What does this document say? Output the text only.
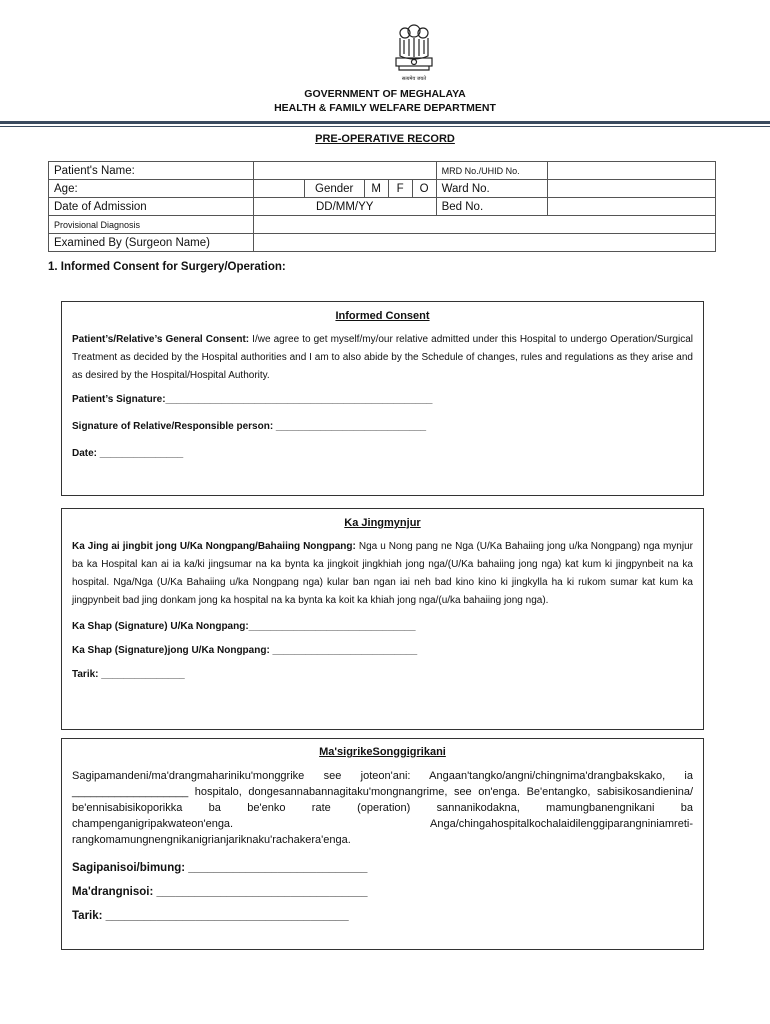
सत्यमेव जयते
GOVERNMENT OF MEGHALAYA
HEALTH & FAMILY WELFARE DEPARTMENT
PRE-OPERATIVE RECORD
Patient's Name:						MRD No./UHID No.	
Age:		Gender	M	F	O	Ward No.	
Date of Admission	DD/MM/YY					Bed No.	
Provisional Diagnosis							
Examined By (Surgeon Name)							
1. Informed Consent for Surgery/Operation:
Informed Consent
Patient’s/Relative’s General Consent: I/we agree to get myself/my/our relative admitted under this Hospital to undergo Operation/Surgical Treatment as decided by the Hospital authorities and I am to also abide by the Schedule of changes, rules and regulations as they arise and as desired by the Hospital/Hospital Authority.
Patient’s Signature:________________________________________________
Signature of Relative/Responsible person: ___________________________
Date: _______________
Ka Jingmynjur
Ka Jing ai jingbit jong U/Ka Nongpang/Bahaiing Nongpang: Nga u Nong pang ne Nga (U/Ka Bahaiing jong u/ka Nongpang) nga mynjur ba ka Hospital kan ai ia ka/ki jingsumar na ka bynta ka jingkoit jingkhiah jong nga/(U/Ka bahaiing jong nga) kat kum ki jingpynbeit na ka hospital. Nga/Nga (U/Ka Bahaiing u/ka Nongpang nga) kular ban ngan iai neh bad kino kino ki jingkylla ha ki rukom sumar kat kum ka jingpynbeit bad jing donkam jong ka hospital na ka bynta ka koit ka khiah jong nga/(u/ka bahaiing jong nga).
Ka Shap (Signature) U/Ka Nongpang:______________________________
Ka Shap (Signature)jong U/Ka Nongpang: __________________________
Tarik: _______________
Ma'sigrikeSonggigrikani
Sagipamandeni/ma'drangmahariniku'monggrike see joteon'ani: Angaan'tangko/angni/chingnima'drangbakskako, ia ___________________ hospitalo, dongesannabannagitaku'mongnangrime, see on'enga. Be'entangko, sabisikosandienina/ be'ennisabisikoporikka ba be'enko rate (operation) sannanikodakna, mamungbanengnikani ba champenganigripakwateon'enga. Anga/chingahospitalkochalaidilenggiparangniniamreti-rangkomamungnengnikanigrianjariknaku'rachakera'enga.
Sagipanisoi/bimung: ____________________________
Ma'drangnisoi: _________________________________
Tarik: ______________________________________
